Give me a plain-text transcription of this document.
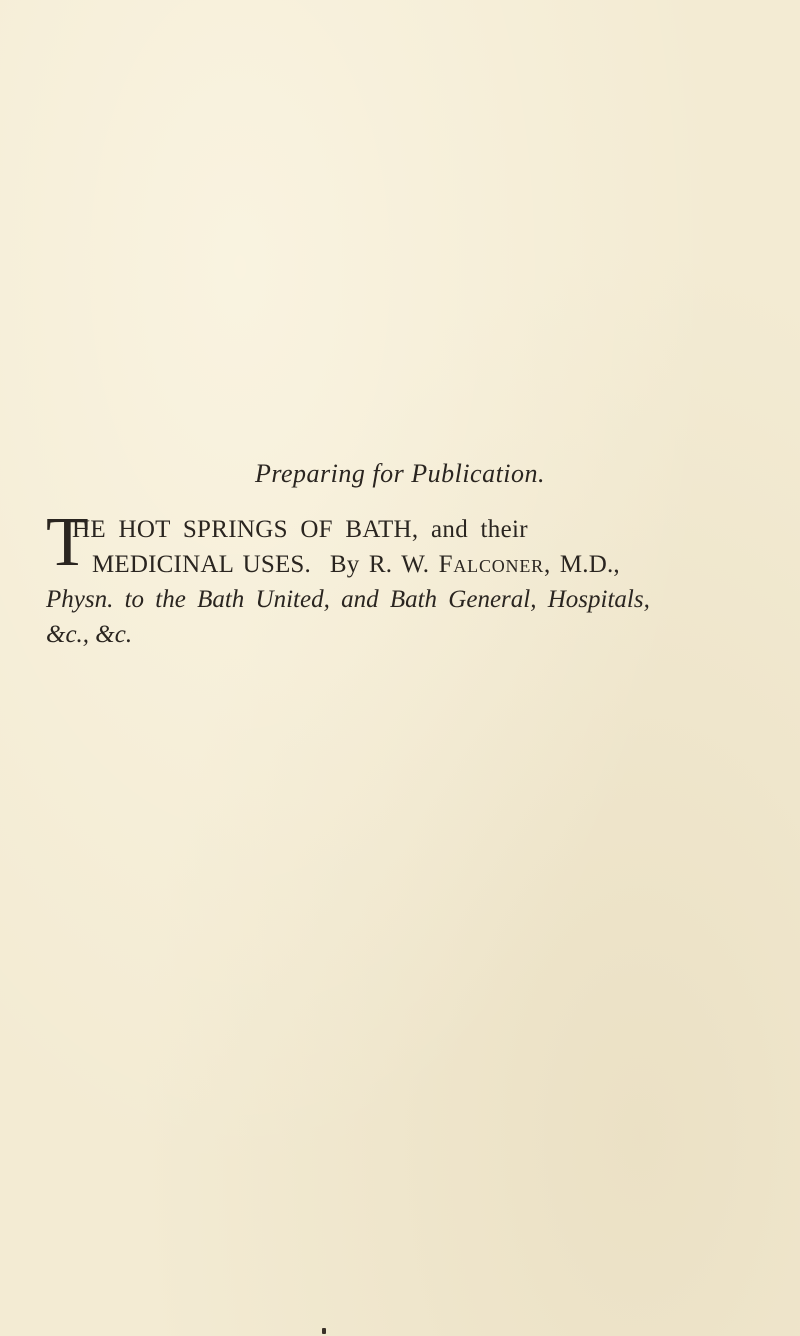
Preparing for Publication.
T
HE HOT SPRINGS OF BATH, and their
MEDICINAL USES. By R. W. Falconer, M.D.,
Physn. to the Bath United, and Bath General, Hospitals,
&c., &c.
